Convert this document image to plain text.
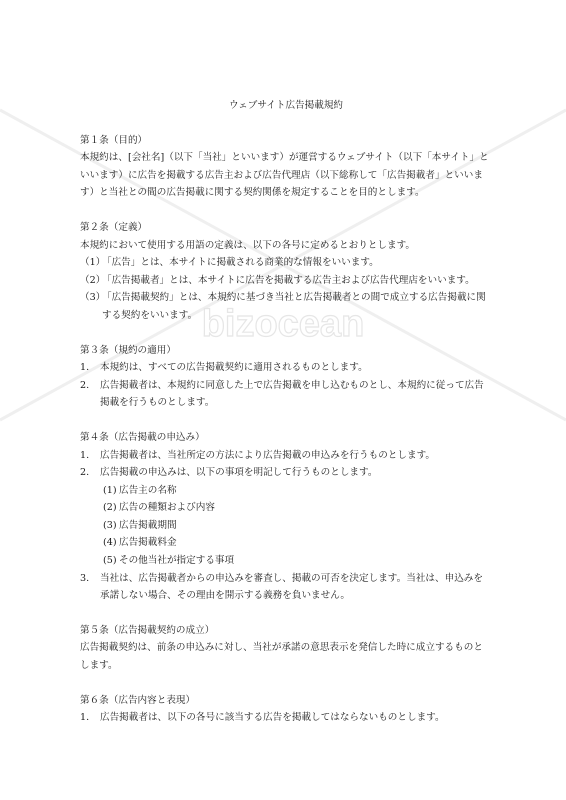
bizocean
ウェブサイト広告掲載規約
第１条（目的）
本規約は、[会社名]（以下「当社」といいます）が運営するウェブサイト（以下「本サイト」といいます）に広告を掲載する広告主および広告代理店（以下総称して「広告掲載者」といいます）と当社との間の広告掲載に関する契約関係を規定することを目的とします。
第２条（定義）
本規約において使用する用語の定義は、以下の各号に定めるとおりとします。
（1）
「広告」とは、本サイトに掲載される商業的な情報をいいます。
（2）
「広告掲載者」とは、本サイトに広告を掲載する広告主および広告代理店をいいます。
（3）
「広告掲載契約」とは、本規約に基づき当社と広告掲載者との間で成立する広告掲載に関する契約をいいます。
第３条（規約の適用）
1.	本規約は、すべての広告掲載契約に適用されるものとします。
2.	広告掲載者は、本規約に同意した上で広告掲載を申し込むものとし、本規約に従って広告掲載を行うものとします。
第４条（広告掲載の申込み）
1.	広告掲載者は、当社所定の方法により広告掲載の申込みを行うものとします。
2.	広告掲載の申込みは、以下の事項を明記して行うものとします。
(1) 広告主の名称
(2) 広告の種類および内容
(3) 広告掲載期間
(4) 広告掲載料金
(5) その他当社が指定する事項
3.	当社は、広告掲載者からの申込みを審査し、掲載の可否を決定します。当社は、申込みを承諾しない場合、その理由を開示する義務を負いません。
第５条（広告掲載契約の成立）
広告掲載契約は、前条の申込みに対し、当社が承諾の意思表示を発信した時に成立するものとします。
第６条（広告内容と表現）
1.	広告掲載者は、以下の各号に該当する広告を掲載してはならないものとします。
